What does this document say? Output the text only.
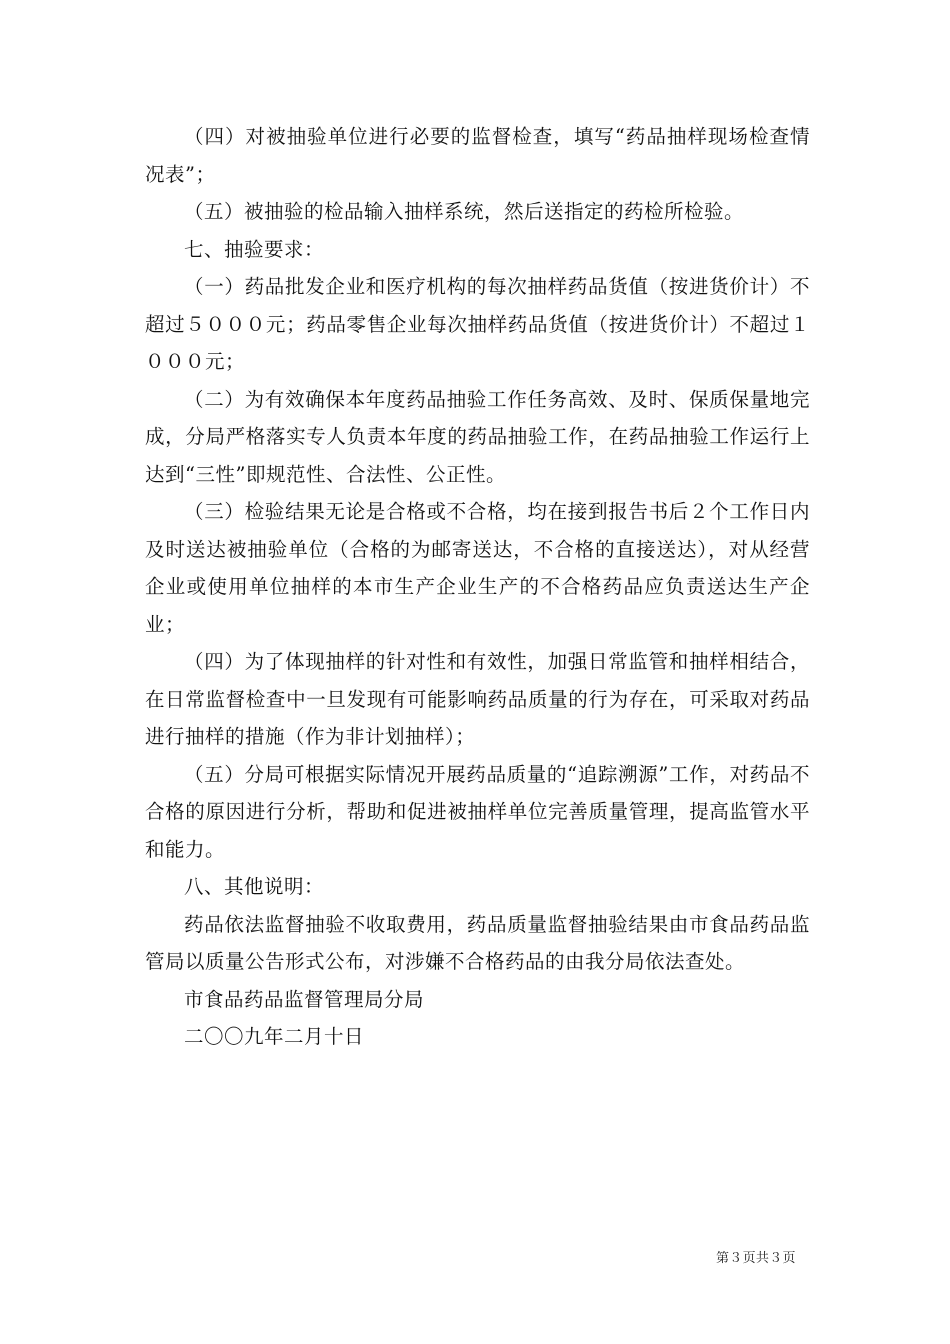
（四）对被抽验单位进行必要的监督检查，填写“药品抽样现场检查情况表”；

（五）被抽验的检品输入抽样系统，然后送指定的药检所检验。

七、抽验要求：

（一）药品批发企业和医疗机构的每次抽样药品货值（按进货价计）不超过５０００元；药品零售企业每次抽样药品货值（按进货价计）不超过１０００元；

（二）为有效确保本年度药品抽验工作任务高效、及时、保质保量地完成，分局严格落实专人负责本年度的药品抽验工作，在药品抽验工作运行上达到“三性”即规范性、合法性、公正性。

（三）检验结果无论是合格或不合格，均在接到报告书后２个工作日内及时送达被抽验单位（合格的为邮寄送达，不合格的直接送达），对从经营企业或使用单位抽样的本市生产企业生产的不合格药品应负责送达生产企业；

（四）为了体现抽样的针对性和有效性，加强日常监管和抽样相结合，在日常监督检查中一旦发现有可能影响药品质量的行为存在，可采取对药品进行抽样的措施（作为非计划抽样）；

（五）分局可根据实际情况开展药品质量的“追踪溯源”工作，对药品不合格的原因进行分析，帮助和促进被抽样单位完善质量管理，提高监管水平和能力。

八、其他说明：

药品依法监督抽验不收取费用，药品质量监督抽验结果由市食品药品监管局以质量公告形式公布，对涉嫌不合格药品的由我分局依法查处。

市食品药品监督管理局分局

二〇〇九年二月十日

第３页共３页
